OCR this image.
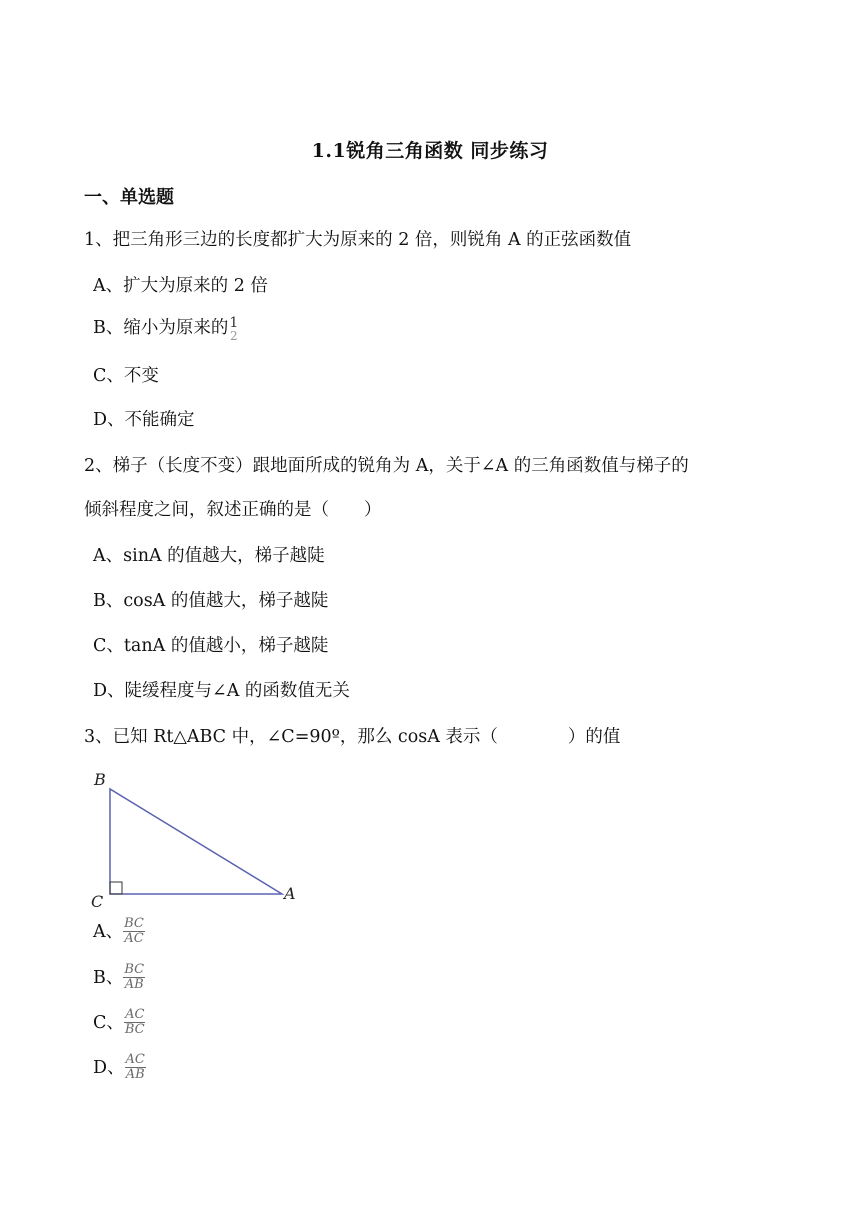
1.1锐角三角函数 同步练习
一、单选题
1、把三角形三边的长度都扩大为原来的 2 倍，则锐角 A 的正弦函数值
A、扩大为原来的 2 倍
B、缩小为原来的 1
2
C、不变
D、不能确定
2、梯子（长度不变）跟地面所成的锐角为 A，关于∠A 的三角函数值与梯子的
倾斜程度之间，叙述正确的是（　　）
A、sinA 的值越大，梯子越陡
B、cosA 的值越大，梯子越陡
C、tanA 的值越小，梯子越陡
D、陡缓程度与∠A 的函数值无关
3、已知 Rt△ABC 中，∠C=90º，那么 cosA 表示（　　　　）的值
B
C	A
A、 $\frac{BC}{AC}$
B、 $\frac{BC}{AB}$
C、 $\frac{AC}{BC}$
D、 $\frac{AC}{AB}$
